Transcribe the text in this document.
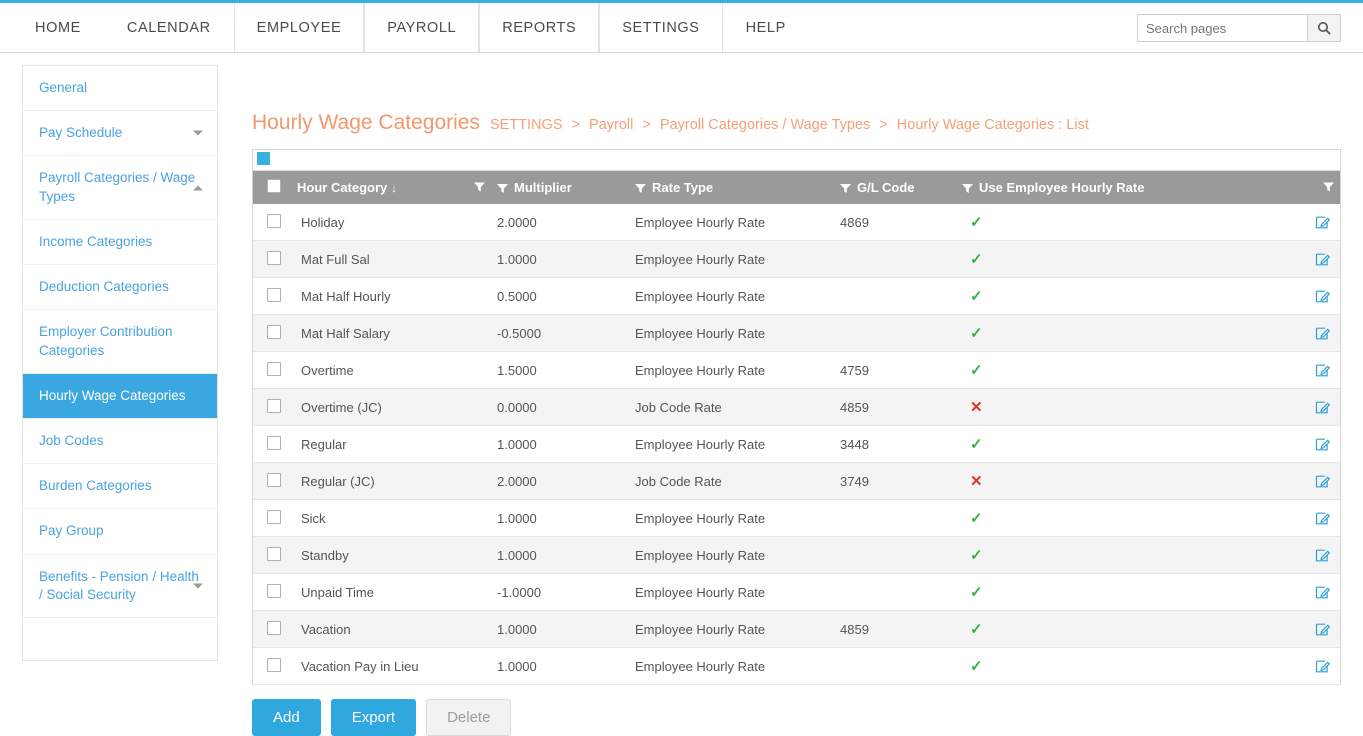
HOME	CALENDAR	EMPLOYEE	PAYROLL	REPORTS	SETTINGS	HELP
Search pages
General
Pay Schedule
Payroll Categories / Wage Types
Income Categories
Deduction Categories
Employer Contribution Categories
Hourly Wage Categories
Job Codes
Burden Categories
Pay Group
Benefits - Pension / Health / Social Security
Hourly Wage Categories SETTINGS > Payroll > Payroll Categories / Wage Types > Hourly Wage Categories : List
	Hour Category ↓	Multiplier	Rate Type	G/L Code	Use Employee Hourly Rate

	Holiday	2.0000	Employee Hourly Rate	4869	✓

	Mat Full Sal	1.0000	Employee Hourly Rate		✓

	Mat Half Hourly	0.5000	Employee Hourly Rate		✓

	Mat Half Salary	-0.5000	Employee Hourly Rate		✓

	Overtime	1.5000	Employee Hourly Rate	4759	✓

	Overtime (JC)	0.0000	Job Code Rate	4859	✕

	Regular	1.0000	Employee Hourly Rate	3448	✓

	Regular (JC)	2.0000	Job Code Rate	3749	✕

	Sick	1.0000	Employee Hourly Rate		✓

	Standby	1.0000	Employee Hourly Rate		✓

	Unpaid Time	-1.0000	Employee Hourly Rate		✓

	Vacation	1.0000	Employee Hourly Rate	4859	✓

	Vacation Pay in Lieu	1.0000	Employee Hourly Rate		✓
Add	Export	Delete
